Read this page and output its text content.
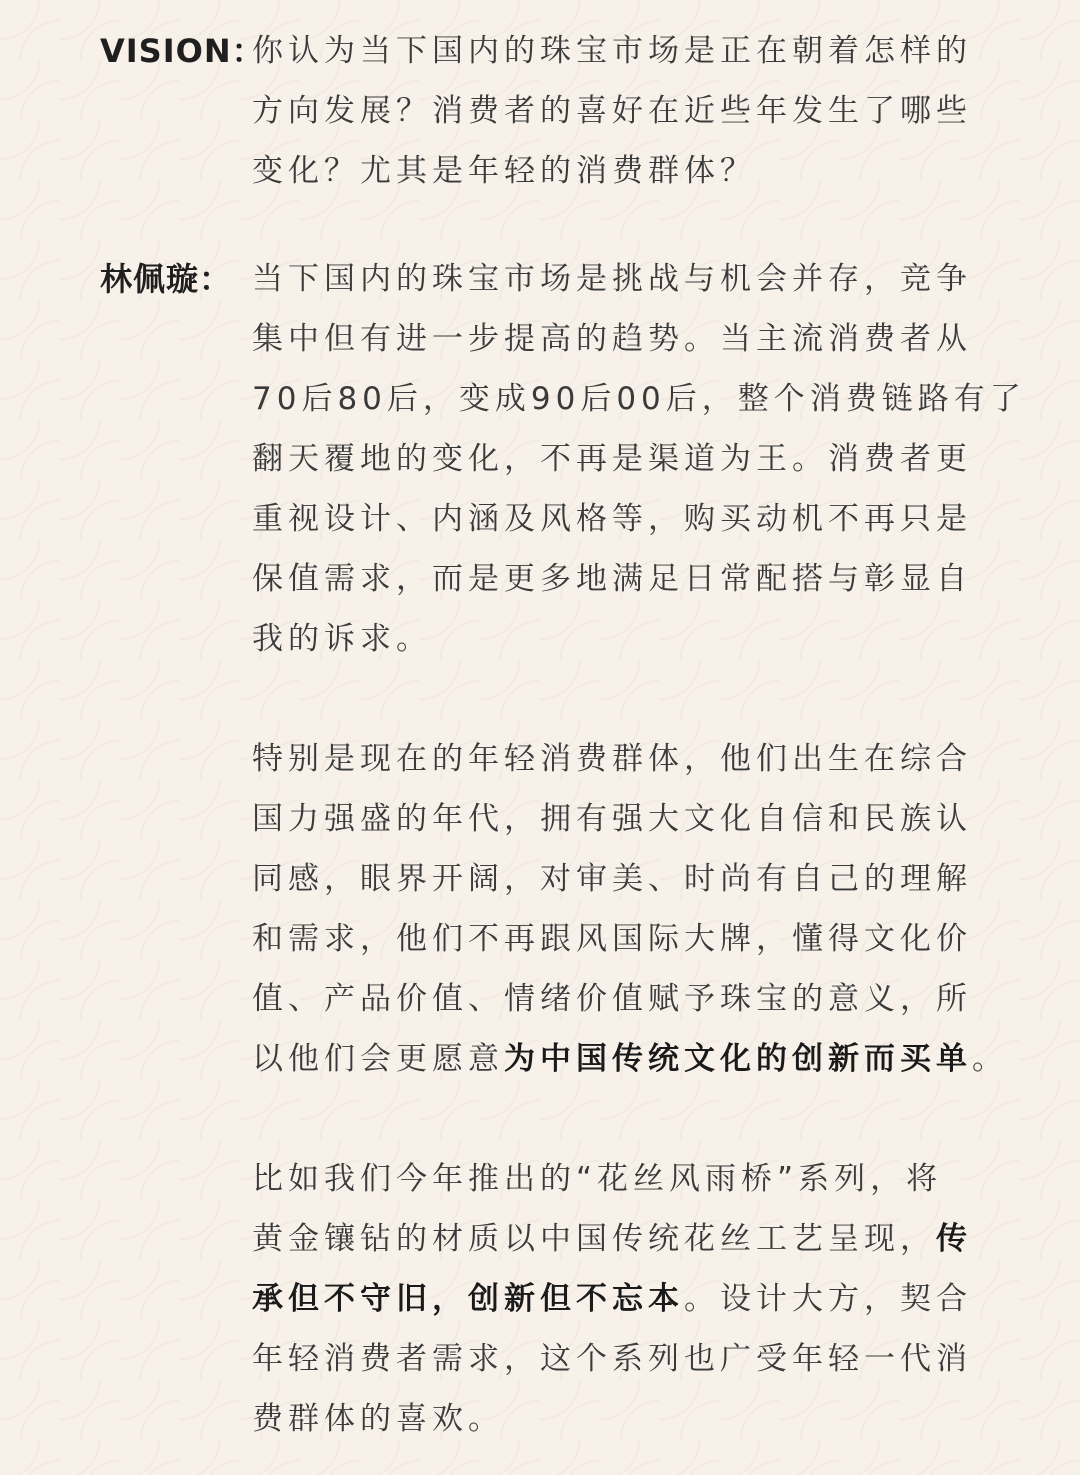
VISION：

你认为当下国内的珠宝市场是正在朝着怎样的
方向发展？消费者的喜好在近些年发生了哪些
变化？尤其是年轻的消费群体？

林佩璇： 当下国内的珠宝市场是挑战与机会并存，竞争
集中但有进一步提高的趋势。当主流消费者从
70后80后，变成90后00后，整个消费链路有了
翻天覆地的变化，不再是渠道为王。消费者更
重视设计、内涵及风格等，购买动机不再只是
保值需求，而是更多地满足日常配搭与彰显自
我的诉求。

特别是现在的年轻消费群体，他们出生在综合
国力强盛的年代，拥有强大文化自信和民族认
同感，眼界开阔，对审美、时尚有自己的理解
和需求，他们不再跟风国际大牌，懂得文化价
值、产品价值、情绪价值赋予珠宝的意义，所
以他们会更愿意为中国传统文化的创新而买单。

比如我们今年推出的“花丝风雨桥”系列，将
黄金镶钻的材质以中国传统花丝工艺呈现，传
承但不守旧，创新但不忘本。设计大方，契合
年轻消费者需求，这个系列也广受年轻一代消
费群体的喜欢。
